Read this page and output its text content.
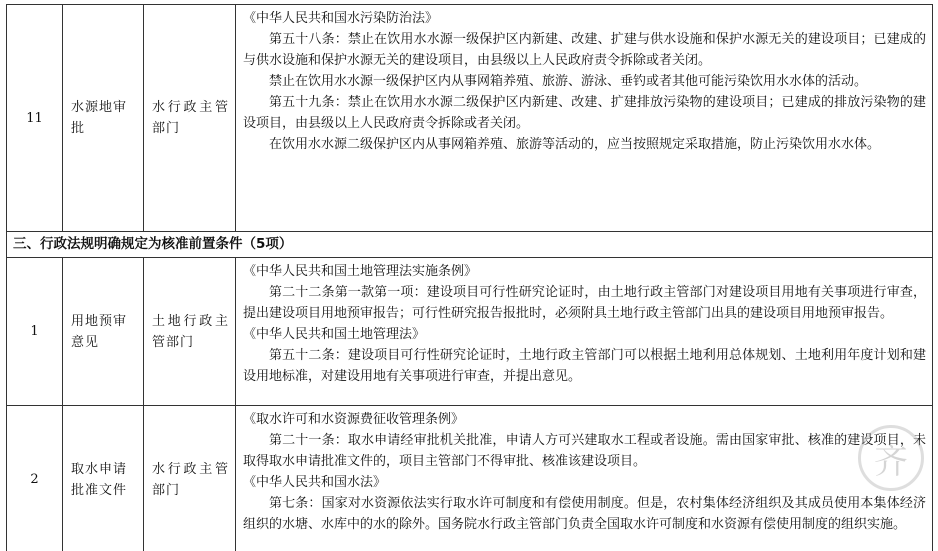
11	水源地审批	水行政主管部门	《中华人民共和国水污染防治法》
第五十八条：禁止在饮用水水源一级保护区内新建、改建、扩建与供水设施和保护水源无关的建设项目；已建成的与供水设施和保护水源无关的建设项目，由县级以上人民政府责令拆除或者关闭。
禁止在饮用水水源一级保护区内从事网箱养殖、旅游、游泳、垂钓或者其他可能污染饮用水水体的活动。
第五十九条：禁止在饮用水水源二级保护区内新建、改建、扩建排放污染物的建设项目；已建成的排放污染物的建设项目，由县级以上人民政府责令拆除或者关闭。
在饮用水水源二级保护区内从事网箱养殖、旅游等活动的，应当按照规定采取措施，防止污染饮用水水体。

三、行政法规明确规定为核准前置条件（5项）			
1	用地预审意见	土地行政主管部门	《中华人民共和国土地管理法实施条例》
第二十二条第一款第一项：建设项目可行性研究论证时，由土地行政主管部门对建设项目用地有关事项进行审查，提出建设项目用地预审报告；可行性研究报告报批时，必须附具土地行政主管部门出具的建设项目用地预审报告。
《中华人民共和国土地管理法》
第五十二条：建设项目可行性研究论证时，土地行政主管部门可以根据土地利用总体规划、土地利用年度计划和建设用地标准，对建设用地有关事项进行审查，并提出意见。

2	取水申请批准文件	水行政主管部门	《取水许可和水资源费征收管理条例》
第二十一条：取水申请经审批机关批准，申请人方可兴建取水工程或者设施。需由国家审批、核准的建设项目，未取得取水申请批准文件的，项目主管部门不得审批、核准该建设项目。
《中华人民共和国水法》
第七条：国家对水资源依法实行取水许可制度和有偿使用制度。但是，农村集体经济组织及其成员使用本集体经济组织的水塘、水库中的水的除外。国务院水行政主管部门负责全国取水许可制度和水资源有偿使用制度的组织实施。
齐
